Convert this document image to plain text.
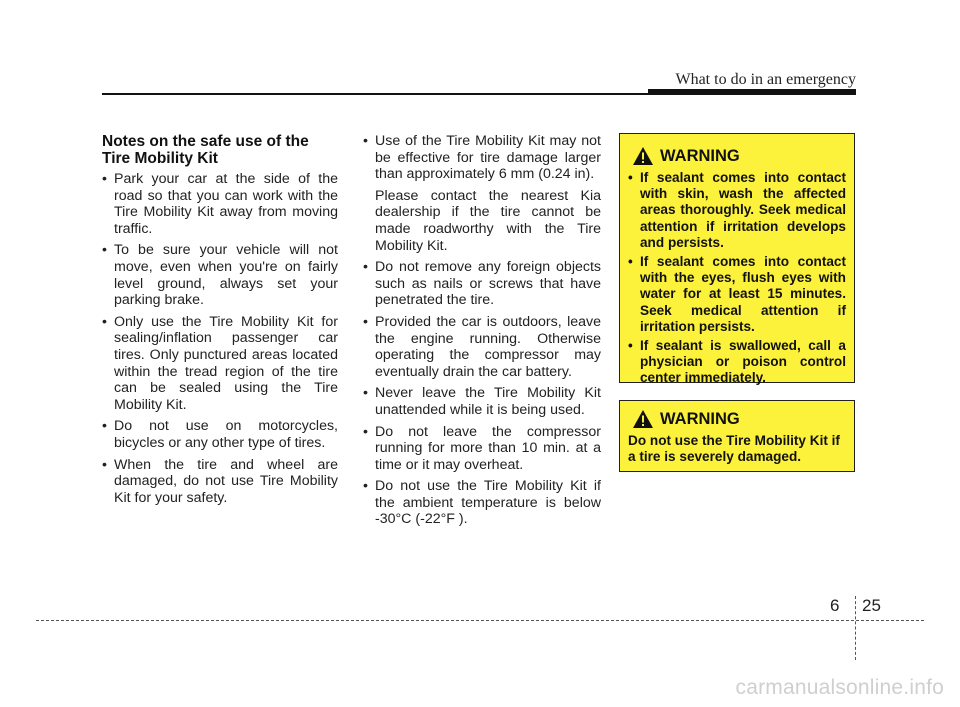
What to do in an emergency
Notes on the safe use of the
Tire Mobility Kit
• Park your car at the side of the road so that you can work with the Tire Mobility Kit away from moving traffic.
• To be sure your vehicle will not move, even when you're on fairly level ground, always set your parking brake.
• Only use the Tire Mobility Kit for sealing/inflation passenger car tires. Only punctured areas located within the tread region of the tire can be sealed using the Tire Mobility Kit.
• Do not use on motorcycles, bicycles or any other type of tires.
• When the tire and wheel are damaged, do not use Tire Mobility Kit for your safety.
• Use of the Tire Mobility Kit may not be effective for tire damage larger than approximately 6 mm (0.24 in).
Please contact the nearest Kia dealership if the tire cannot be made roadworthy with the Tire Mobility Kit.
• Do not remove any foreign objects such as nails or screws that have penetrated the tire.
• Provided the car is outdoors, leave the engine running. Otherwise operating the compressor may eventually drain the car battery.
• Never leave the Tire Mobility Kit unattended while it is being used.
• Do not leave the compressor running for more than 10 min. at a time or it may overheat.
• Do not use the Tire Mobility Kit if the ambient temperature is below -30°C (-22°F ).
WARNING
• If sealant comes into contact with skin, wash the affected areas thoroughly. Seek medical attention if irritation develops and persists.
• If sealant comes into contact with the eyes, flush eyes with water for at least 15 minutes. Seek medical attention if irritation persists.
• If sealant is swallowed, call a physician or poison control center immediately.
WARNING
Do not use the Tire Mobility Kit if a tire is severely damaged.
6 25
carmanualsonline.info
